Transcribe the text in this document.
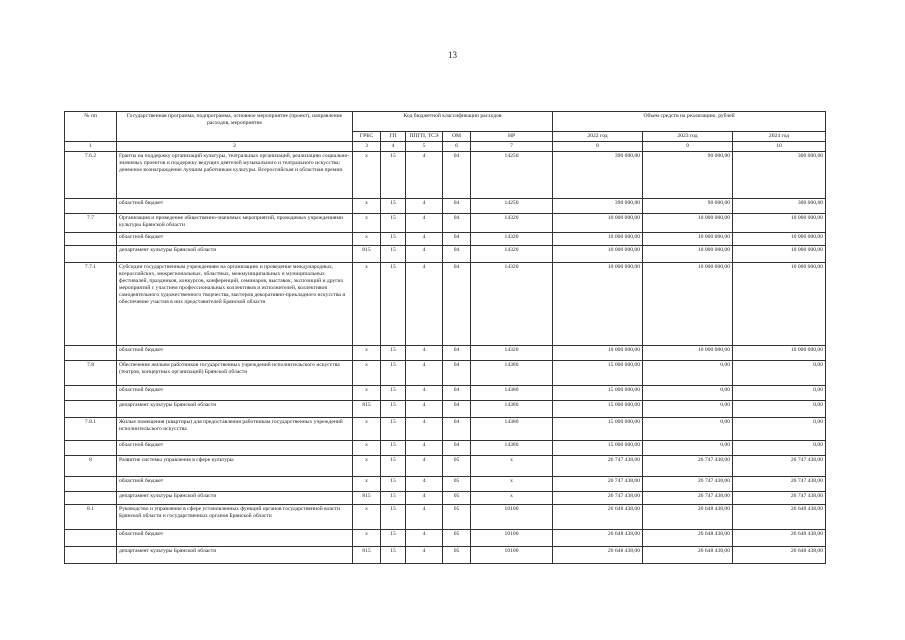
13
№ пп	Государственная программа, подпрограмма, основное мероприятие (проект), направление расходов, мероприятие	Код бюджетной классификации расходов					Объем средств на реализацию, рублей		
		ГРБС	ГП	ППГП, ТСЭ	ОМ	НР	2022 год	2023 год	2024 год
1	2	3	4	5	6	7	8	9	10
7.6.2	Гранты на поддержку организаций культуры, театральных организаций, реализацию социально-значимых проектов и поддержку ведущих деятелей музыкального и театрального искусства; денежное вознаграждение лучшим работникам культуры. Всероссийская и областная премии	х	15	4	04	14250	390 000,00	90 000,00	300 000,00
	областной бюджет	х	15	4	04	14250	390 000,00	90 000,00	300 000,00
7.7	Организация и проведение общественно-значимых мероприятий, проводимых учреждениями культуры Брянской области	х	15	4	04	14320	10 000 000,00	10 000 000,00	10 000 000,00
	областной бюджет	х	15	4	04	14320	10 000 000,00	10 000 000,00	10 000 000,00
	департамент культуры Брянской области	815	15	4	04	14320	10 000 000,00	10 000 000,00	10 000 000,00
7.7.1	Субсидии государственным учреждениям на организацию и проведение международных, всероссийских, межрегиональных, областных, межмуниципальных и муниципальных фестивалей, праздников, конкурсов, конференций, семинаров, выставок, экспозиций и других мероприятий с участием профессиональных коллективов и исполнителей, коллективов самодеятельного художественного творчества, мастеров декоративно-прикладного искусства и обеспечение участия в них представителей Брянской области	х	15	4	04	14320	10 000 000,00	10 000 000,00	10 000 000,00
	областной бюджет	х	15	4	04	14320	10 000 000,00	10 000 000,00	10 000 000,00
7.8	Обеспечение жильем работников государственных учреждений исполнительского искусства (театров, концертных организаций) Брянской области	х	15	4	04	14380	15 000 000,00	0,00	0,00
	областной бюджет	х	15	4	04	14380	15 000 000,00	0,00	0,00
	департамент культуры Брянской области	815	15	4	04	14380	15 000 000,00	0,00	0,00
7.8.1	Жилые помещения (квартиры) для предоставления работникам государственных учреждений исполнительского искусства	х	15	4	04	14380	15 000 000,00	0,00	0,00
	областной бюджет	х	15	4	04	14380	15 000 000,00	0,00	0,00
8	Развитие системы управления в сфере культуры	х	15	4	05	х	26 747 438,00	26 747 438,00	26 747 438,00
	областной бюджет	х	15	4	05	х	26 747 438,00	26 747 438,00	26 747 438,00
	департамент культуры Брянской области	815	15	4	05	х	26 747 438,00	26 747 438,00	26 747 438,00
8.1	Руководство и управление в сфере установленных функций органов государственной власти Брянской области и государственных органов Брянской области	х	15	4	05	10100	26 648 438,00	26 648 438,00	26 648 438,00
	областной бюджет	х	15	4	05	10100	26 648 438,00	26 648 438,00	26 648 438,00
	департамент культуры Брянской области	815	15	4	05	10100	26 648 438,00	26 648 438,00	26 648 438,00
